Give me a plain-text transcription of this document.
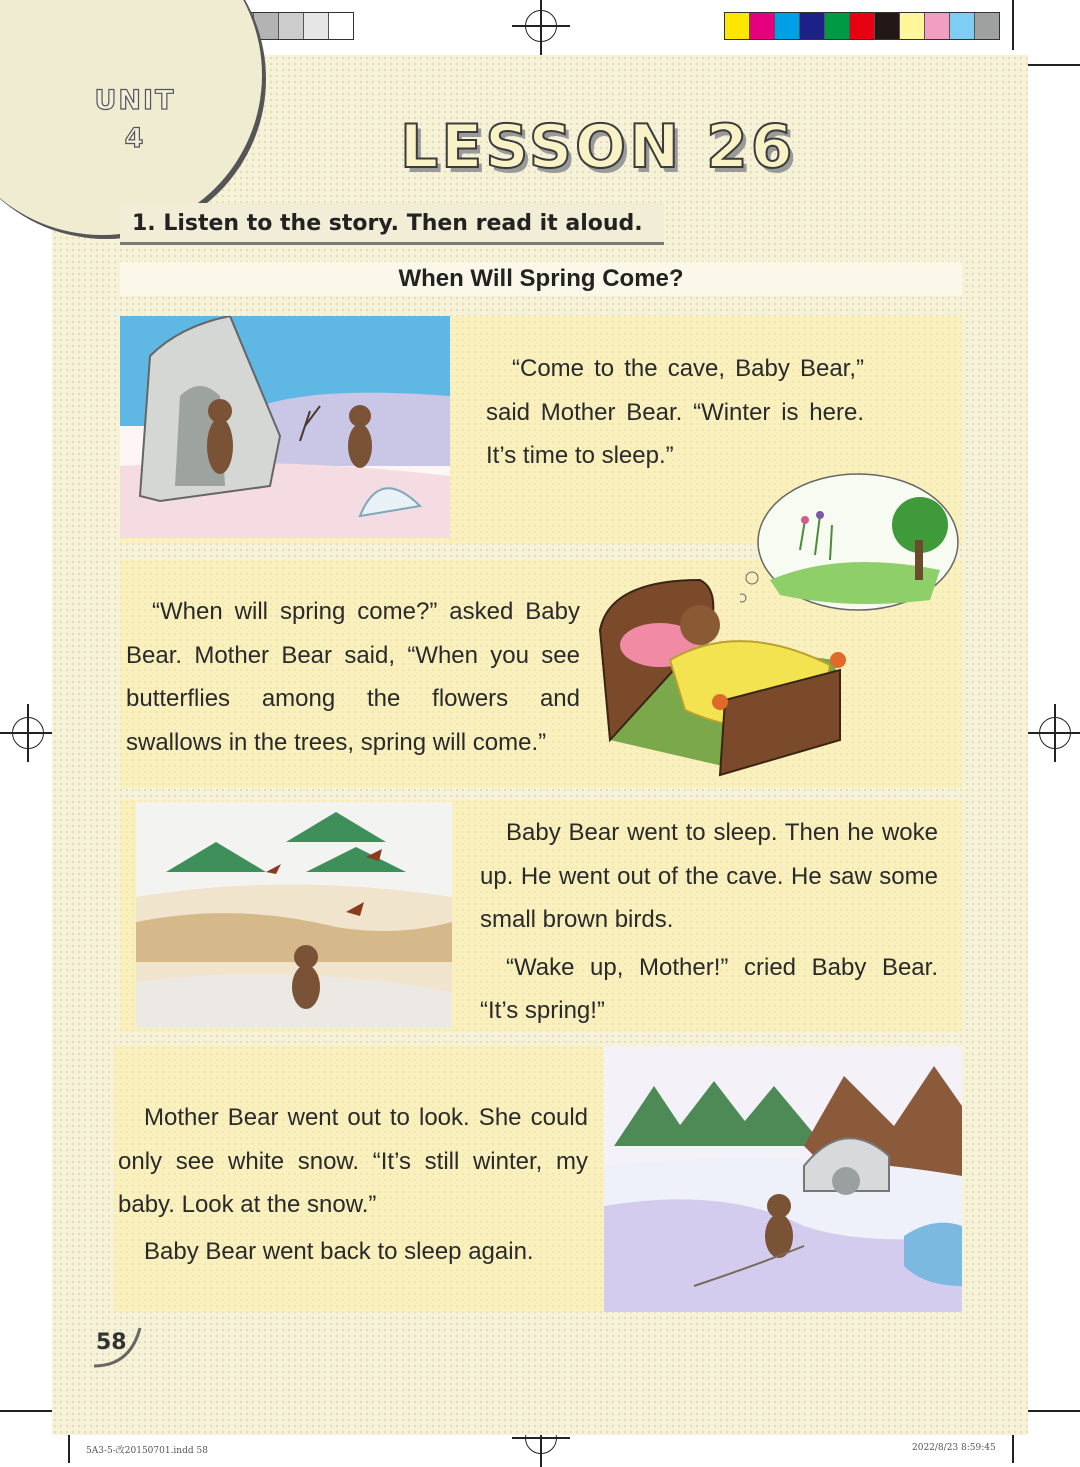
UNIT
4	LESSON 26
1. Listen to the story. Then read it aloud.
When Will Spring Come?

“Come to the cave, Baby Bear,” said Mother Bear. “Winter is here. It’s time to sleep.”

“When will spring come?” asked Baby Bear. Mother Bear said, “When you see butterflies among the flowers and swallows in the trees, spring will come.”

Baby Bear went to sleep. Then he woke up. He went out of the cave. He saw some small brown birds.

“Wake up, Mother!” cried Baby Bear. “It’s spring!”

Mother Bear went out to look. She could only see white snow. “It’s still winter, my baby. Look at the snow.”

Baby Bear went back to sleep again.

58
5A3-5-改20150701.indd 58	2022/8/23 8:59:45
